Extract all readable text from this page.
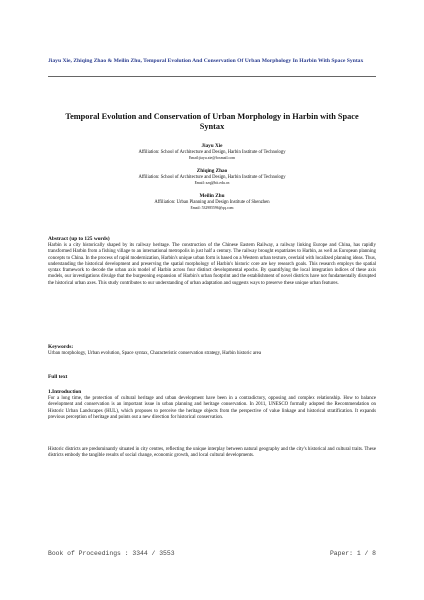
Jiayu Xie, Zhiqing Zhao & Meilin Zhu, Temporal Evolution And Conservation Of Urban Morphology In Harbin With Space Syntax
Temporal Evolution and Conservation of Urban Morphology in Harbin with Space Syntax
Jiayu Xie
Affiliation: School of Architecture and Design, Harbin Institute of Technology
Email:jiayu.xie@foxmail.com
Zhiqing Zhao
Affiliation: School of Architecture and Design, Harbin Institute of Technology
Email: zzq@hit.edu.cn
Meilin Zhu
Affiliation: Urban Planning and Design Institute of Shenzhen
Email: 532985596@qq.com
Abstract (up to 125 words)
Harbin is a city historically shaped by its railway heritage. The construction of the Chinese Eastern Railway, a railway linking Europe and China, has rapidly transformed Harbin from a fishing village to an international metropolis in just half a century. The railway brought expatriates to Harbin, as well as European planning concepts to China. In the process of rapid modernization, Harbin's unique urban form is based on a Western urban texture, overlaid with localized planning ideas. Thus, understanding the historical development and preserving the spatial morphology of Harbin's historic core are key research goals. This research employs the spatial syntax framework to decode the urban axis model of Harbin across four distinct developmental epochs. By quantifying the local integration indices of these axis models, our investigations divulge that the burgeoning expansion of Harbin's urban footprint and the establishment of novel districts have not fundamentally disrupted the historical urban axes. This study contributes to our understanding of urban adaptation and suggests ways to preserve these unique urban features.
Keywords:
Urban morphology, Urban evolution, Space syntax, Characteristic conservation strategy, Harbin historic area
Full text
1.Introduction
For a long time, the protection of cultural heritage and urban development have been in a contradictory, opposing and complex relationship. How to balance development and conservation is an important issue in urban planning and heritage conservation. In 2011, UNESCO formally adopted the Recommendation on Historic Urban Landscapes (HUL), which proposes to perceive the heritage objects from the perspective of value linkage and historical stratification. It expands previous perception of heritage and points out a new direction for historical conservation.
Historic districts are predominantly situated in city centres, reflecting the unique interplay between natural geography and the city's historical and cultural traits. These districts embody the tangible results of social change, economic growth, and local cultural developments.
Book of Proceedings : 3344 / 3553	Paper: 1 / 8
